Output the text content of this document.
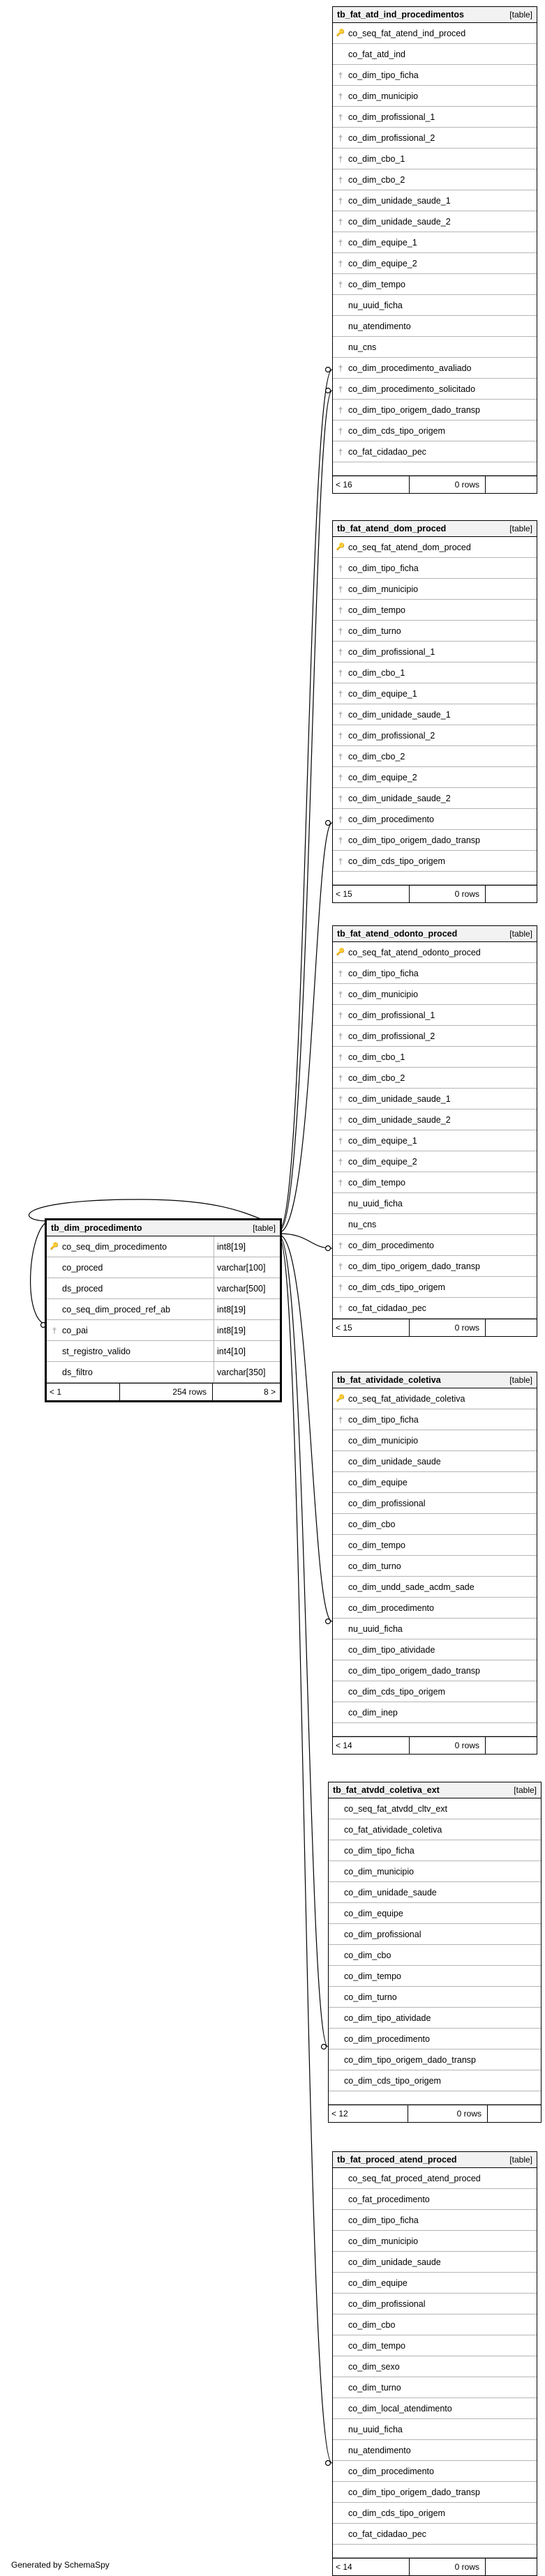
tb_fat_atd_ind_procedimentos	[table]
🔑 co_seq_fat_atend_ind_proced
co_fat_atd_ind
† co_dim_tipo_ficha
† co_dim_municipio
† co_dim_profissional_1
† co_dim_profissional_2
† co_dim_cbo_1
† co_dim_cbo_2
† co_dim_unidade_saude_1
† co_dim_unidade_saude_2
† co_dim_equipe_1
† co_dim_equipe_2
† co_dim_tempo
nu_uuid_ficha
nu_atendimento
nu_cns
† co_dim_procedimento_avaliado
† co_dim_procedimento_solicitado
† co_dim_tipo_origem_dado_transp
† co_dim_cds_tipo_origem
† co_fat_cidadao_pec
< 16	0 rows
tb_fat_atend_dom_proced	[table]
🔑 co_seq_fat_atend_dom_proced
† co_dim_tipo_ficha
† co_dim_municipio
† co_dim_tempo
† co_dim_turno
† co_dim_profissional_1
† co_dim_cbo_1
† co_dim_equipe_1
† co_dim_unidade_saude_1
† co_dim_profissional_2
† co_dim_cbo_2
† co_dim_equipe_2
† co_dim_unidade_saude_2
† co_dim_procedimento
† co_dim_tipo_origem_dado_transp
† co_dim_cds_tipo_origem
< 15	0 rows
tb_fat_atend_odonto_proced	[table]
🔑 co_seq_fat_atend_odonto_proced
† co_dim_tipo_ficha
† co_dim_municipio
† co_dim_profissional_1
† co_dim_profissional_2
† co_dim_cbo_1
† co_dim_cbo_2
† co_dim_unidade_saude_1
† co_dim_unidade_saude_2
† co_dim_equipe_1
† co_dim_equipe_2
† co_dim_tempo
nu_uuid_ficha
nu_cns
† co_dim_procedimento
† co_dim_tipo_origem_dado_transp
† co_dim_cds_tipo_origem
† co_fat_cidadao_pec
< 15	0 rows
tb_fat_atividade_coletiva	[table]
🔑 co_seq_fat_atividade_coletiva
† co_dim_tipo_ficha
co_dim_municipio
co_dim_unidade_saude
co_dim_equipe
co_dim_profissional
co_dim_cbo
co_dim_tempo
co_dim_turno
co_dim_undd_sade_acdm_sade
co_dim_procedimento
nu_uuid_ficha
co_dim_tipo_atividade
co_dim_tipo_origem_dado_transp
co_dim_cds_tipo_origem
co_dim_inep
< 14	0 rows
tb_fat_atvdd_coletiva_ext	[table]
co_seq_fat_atvdd_cltv_ext
co_fat_atividade_coletiva
co_dim_tipo_ficha
co_dim_municipio
co_dim_unidade_saude
co_dim_equipe
co_dim_profissional
co_dim_cbo
co_dim_tempo
co_dim_turno
co_dim_tipo_atividade
co_dim_procedimento
co_dim_tipo_origem_dado_transp
co_dim_cds_tipo_origem
< 12	0 rows
tb_fat_proced_atend_proced	[table]
co_seq_fat_proced_atend_proced
co_fat_procedimento
co_dim_tipo_ficha
co_dim_municipio
co_dim_unidade_saude
co_dim_equipe
co_dim_profissional
co_dim_cbo
co_dim_tempo
co_dim_sexo
co_dim_turno
co_dim_local_atendimento
nu_uuid_ficha
nu_atendimento
co_dim_procedimento
co_dim_tipo_origem_dado_transp
co_dim_cds_tipo_origem
co_fat_cidadao_pec
< 14	0 rows
tb_dim_procedimento	[table]
🔑 co_seq_dim_procedimento	int8[19]
co_proced	varchar[100]
ds_proced	varchar[500]
co_seq_dim_proced_ref_ab	int8[19]
† co_pai	int8[19]
st_registro_valido	int4[10]
ds_filtro	varchar[350]
< 1	254 rows	8 >
Generated by SchemaSpy
